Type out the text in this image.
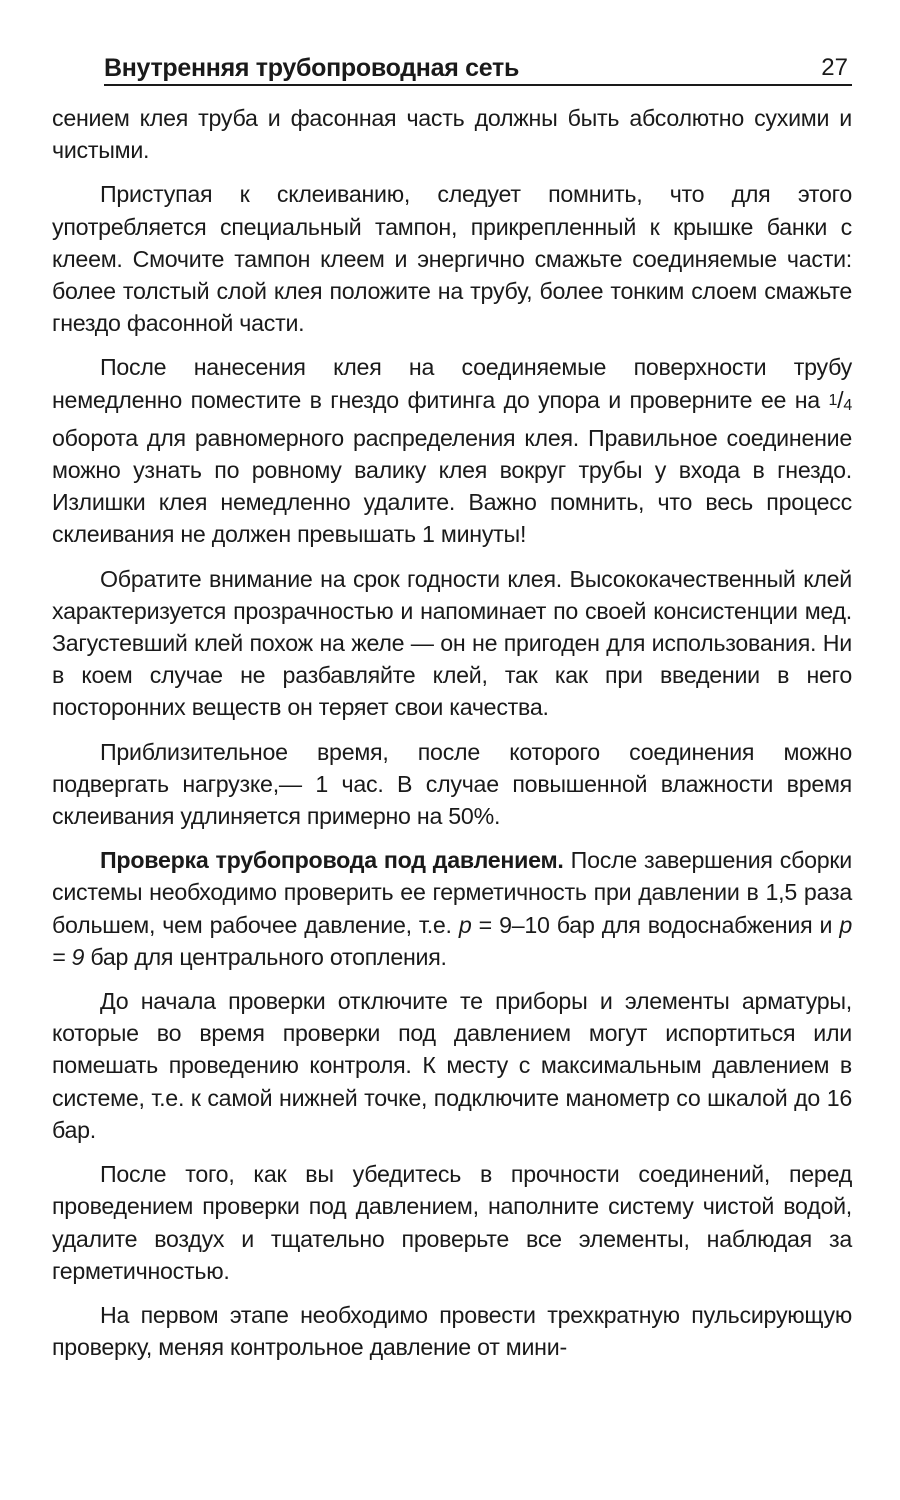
Внутренняя трубопроводная сеть	27

сением клея труба и фасонная часть должны быть абсолютно сухими и чистыми.

Приступая к склеиванию, следует помнить, что для этого употребляется специальный тампон, прикрепленный к крышке банки с клеем. Смочите тампон клеем и энергично смажьте соединяемые части: более толстый слой клея положите на трубу, более тонким слоем смажьте гнездо фасонной части.

После нанесения клея на соединяемые поверхности трубу немедленно поместите в гнездо фитинга до упора и проверните ее на 1/4 оборота для равномерного распределения клея. Правильное соединение можно узнать по ровному валику клея вокруг трубы у входа в гнездо. Излишки клея немедленно удалите. Важно помнить, что весь процесс склеивания не должен превышать 1 минуты!

Обратите внимание на срок годности клея. Высококачественный клей характеризуется прозрачностью и напоминает по своей консистенции мед. Загустевший клей похож на желе — он не пригоден для использования. Ни в коем случае не разбавляйте клей, так как при введении в него посторонних веществ он теряет свои качества.

Приблизительное время, после которого соединения можно подвергать нагрузке,— 1 час. В случае повышенной влажности время склеивания удлиняется примерно на 50%.

Проверка трубопровода под давлением. После завершения сборки системы необходимо проверить ее герметичность при давлении в 1,5 раза большем, чем рабочее давление, т.е. p = 9–10 бар для водоснабжения и p = 9 бар для центрального отопления.

До начала проверки отключите те приборы и элементы арматуры, которые во время проверки под давлением могут испортиться или помешать проведению контроля. К месту с максимальным давлением в системе, т.е. к самой нижней точке, подключите манометр со шкалой до 16 бар.

После того, как вы убедитесь в прочности соединений, перед проведением проверки под давлением, наполните систему чистой водой, удалите воздух и тщательно проверьте все элементы, наблюдая за герметичностью.

На первом этапе необходимо провести трехкратную пульсирующую проверку, меняя контрольное давление от мини-
